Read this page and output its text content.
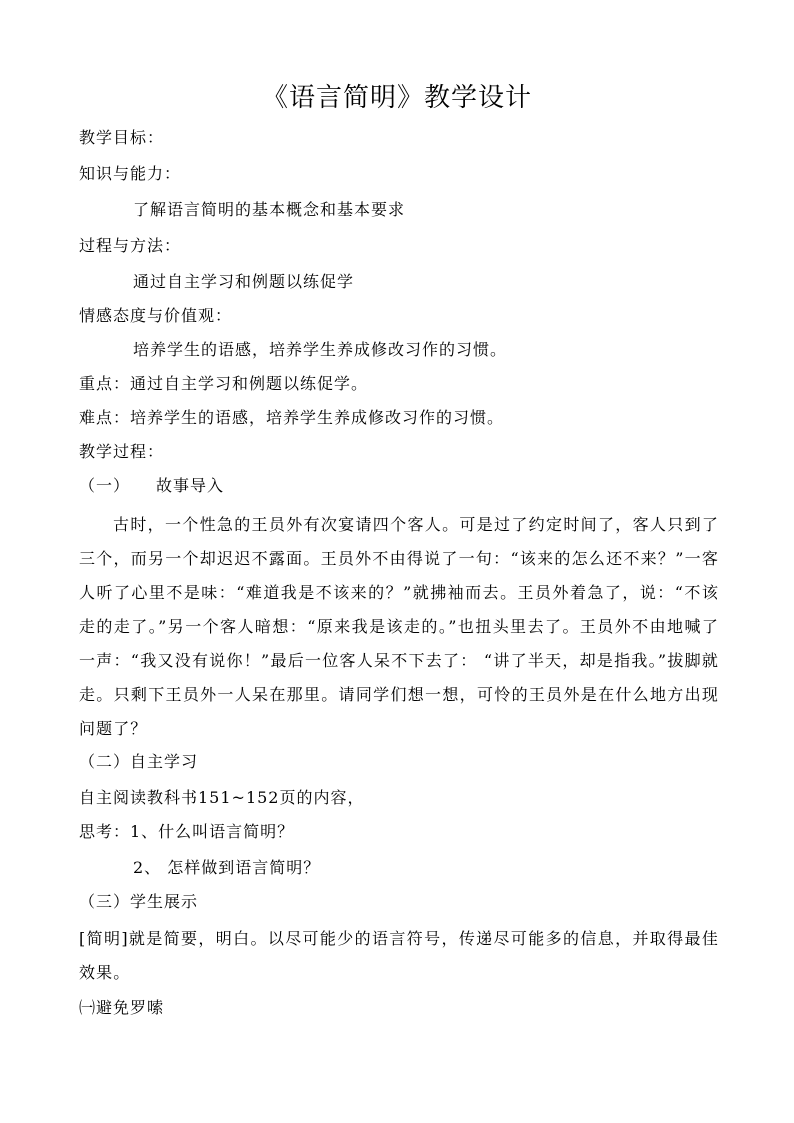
《语言简明》教学设计
教学目标：
知识与能力：
了解语言简明的基本概念和基本要求
过程与方法：
通过自主学习和例题以练促学
情感态度与价值观：
培养学生的语感，培养学生养成修改习作的习惯。
重点：通过自主学习和例题以练促学。
难点：培养学生的语感，培养学生养成修改习作的习惯。
教学过程：
（一）　　故事导入
古时，一个性急的王员外有次宴请四个客人。可是过了约定时间了，客人只到了三个，而另一个却迟迟不露面。王员外不由得说了一句：“该来的怎么还不来？”一客人听了心里不是味：“难道我是不该来的？”就拂袖而去。王员外着急了，说：“不该走的走了。”另一个客人暗想：“原来我是该走的。”也扭头里去了。王员外不由地喊了一声：“我又没有说你！”最后一位客人呆不下去了： “讲了半天，却是指我。”拔脚就走。只剩下王员外一人呆在那里。请同学们想一想，可怜的王员外是在什么地方出现问题了？
（二）自主学习
自主阅读教科书151~152页的内容，
思考：1、什么叫语言简明？
2、 怎样做到语言简明？
（三）学生展示
[简明]就是简要，明白。以尽可能少的语言符号，传递尽可能多的信息，并取得最佳效果。
㈠避免罗嗦
